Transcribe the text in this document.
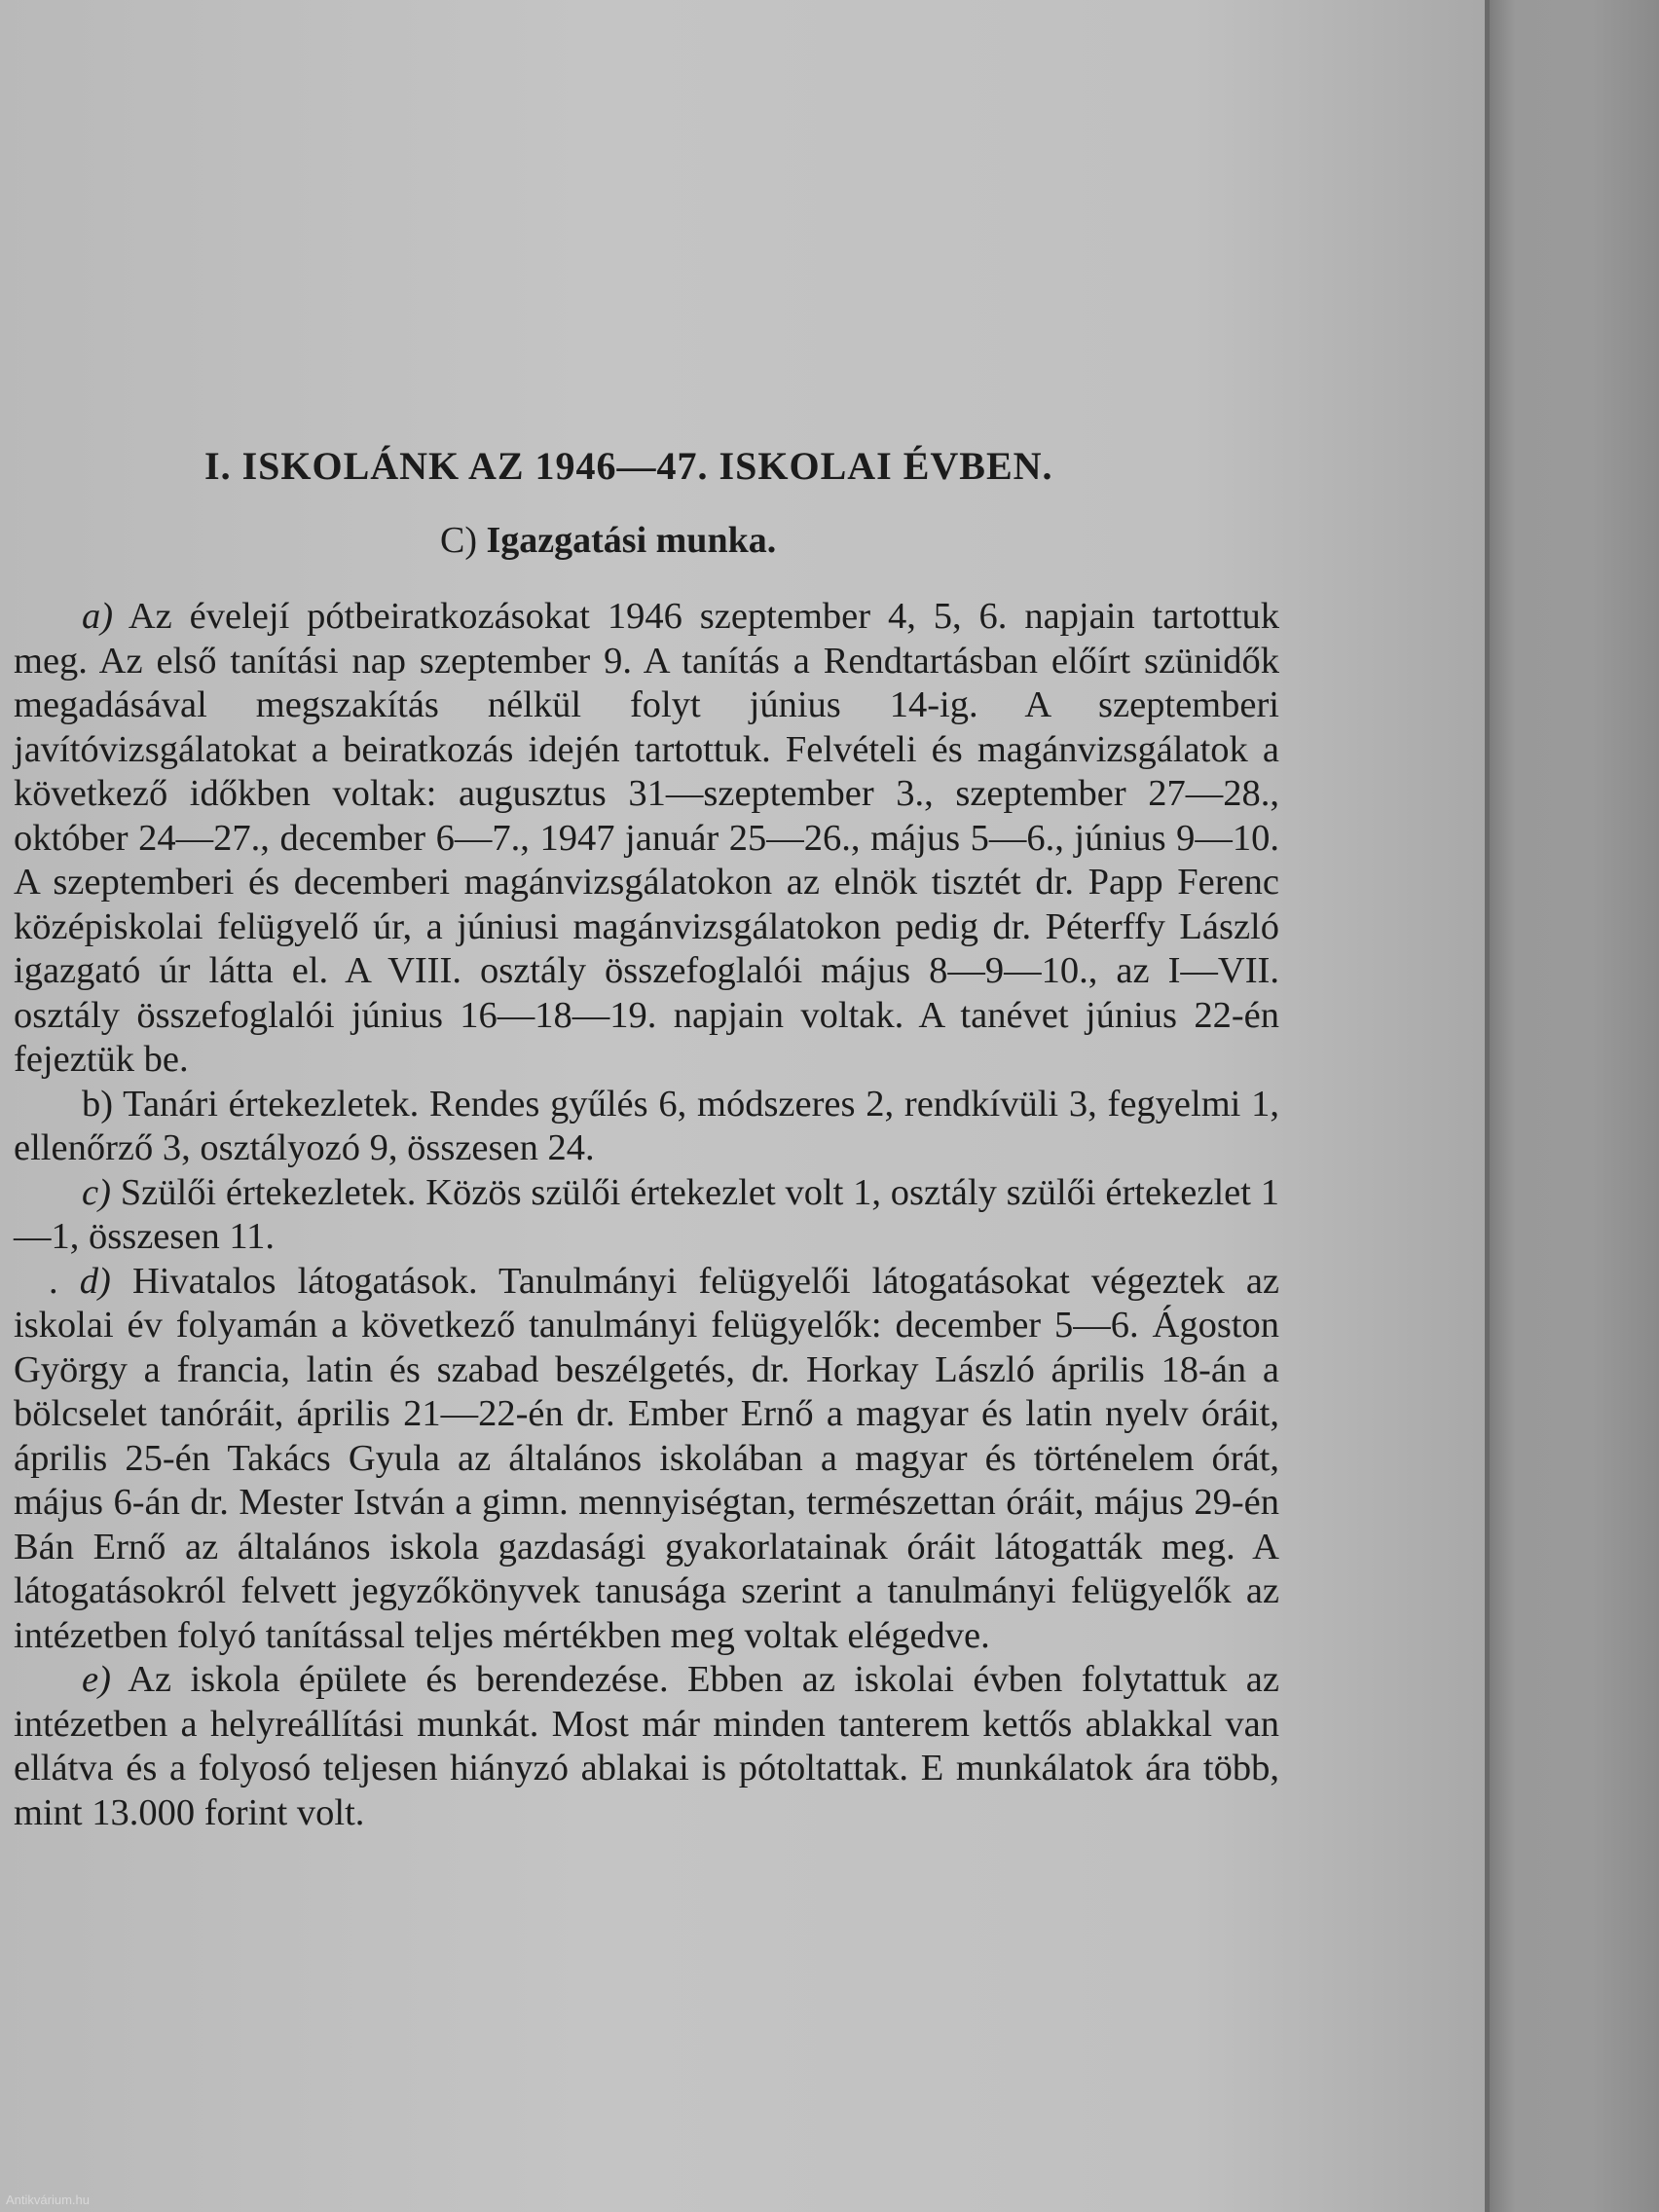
I. ISKOLÁNK AZ 1946—47. ISKOLAI ÉVBEN.
C) Igazgatási munka.

a) Az évelejí pótbeiratkozásokat 1946 szeptember 4, 5, 6. napjain tartottuk meg. Az első tanítási nap szeptember 9. A tanítás a Rendtartásban előírt szünidők megadásával megszakítás nélkül folyt június 14-ig. A szeptemberi javítóvizsgálatokat a beiratkozás idején tartottuk. Felvételi és magánvizsgálatok a következő időkben voltak: augusztus 31—szeptember 3., szeptember 27—28., október 24—27., december 6—7., 1947 január 25—26., május 5—6., június 9—10. A szeptemberi és decemberi magánvizsgálatokon az elnök tisztét dr. Papp Ferenc középiskolai felügyelő úr, a júniusi magánvizsgálatokon pedig dr. Péterffy László igazgató úr látta el. A VIII. osztály összefoglalói május 8—9—10., az I—VII. osztály összefoglalói június 16—18—19. napjain voltak. A tanévet június 22-én fejeztük be.

b) Tanári értekezletek. Rendes gyűlés 6, módszeres 2, rendkívüli 3, fegyelmi 1, ellenőrző 3, osztályozó 9, összesen 24.

c) Szülői értekezletek. Közös szülői értekezlet volt 1, osztály szülői értekezlet 1—1, összesen 11.

. d) Hivatalos látogatások. Tanulmányi felügyelői látogatásokat végeztek az iskolai év folyamán a következő tanulmányi felügyelők: december 5—6. Ágoston György a francia, latin és szabad beszélgetés, dr. Horkay László április 18-án a bölcselet tanóráit, április 21—22-én dr. Ember Ernő a magyar és latin nyelv óráit, április 25-én Takács Gyula az általános iskolában a magyar és történelem órát, május 6-án dr. Mester István a gimn. mennyiségtan, természettan óráit, május 29-én Bán Ernő az általános iskola gazdasági gyakorlatainak óráit látogatták meg. A látogatásokról felvett jegyzőkönyvek tanusága szerint a tanulmányi felügyelők az intézetben folyó tanítással teljes mértékben meg voltak elégedve.

e) Az iskola épülete és berendezése. Ebben az iskolai évben folytattuk az intézetben a helyreállítási munkát. Most már minden tanterem kettős ablakkal van ellátva és a folyosó teljesen hiányzó ablakai is pótoltattak. E munkálatok ára több, mint 13.000 forint volt.

Antikvárium.hu
